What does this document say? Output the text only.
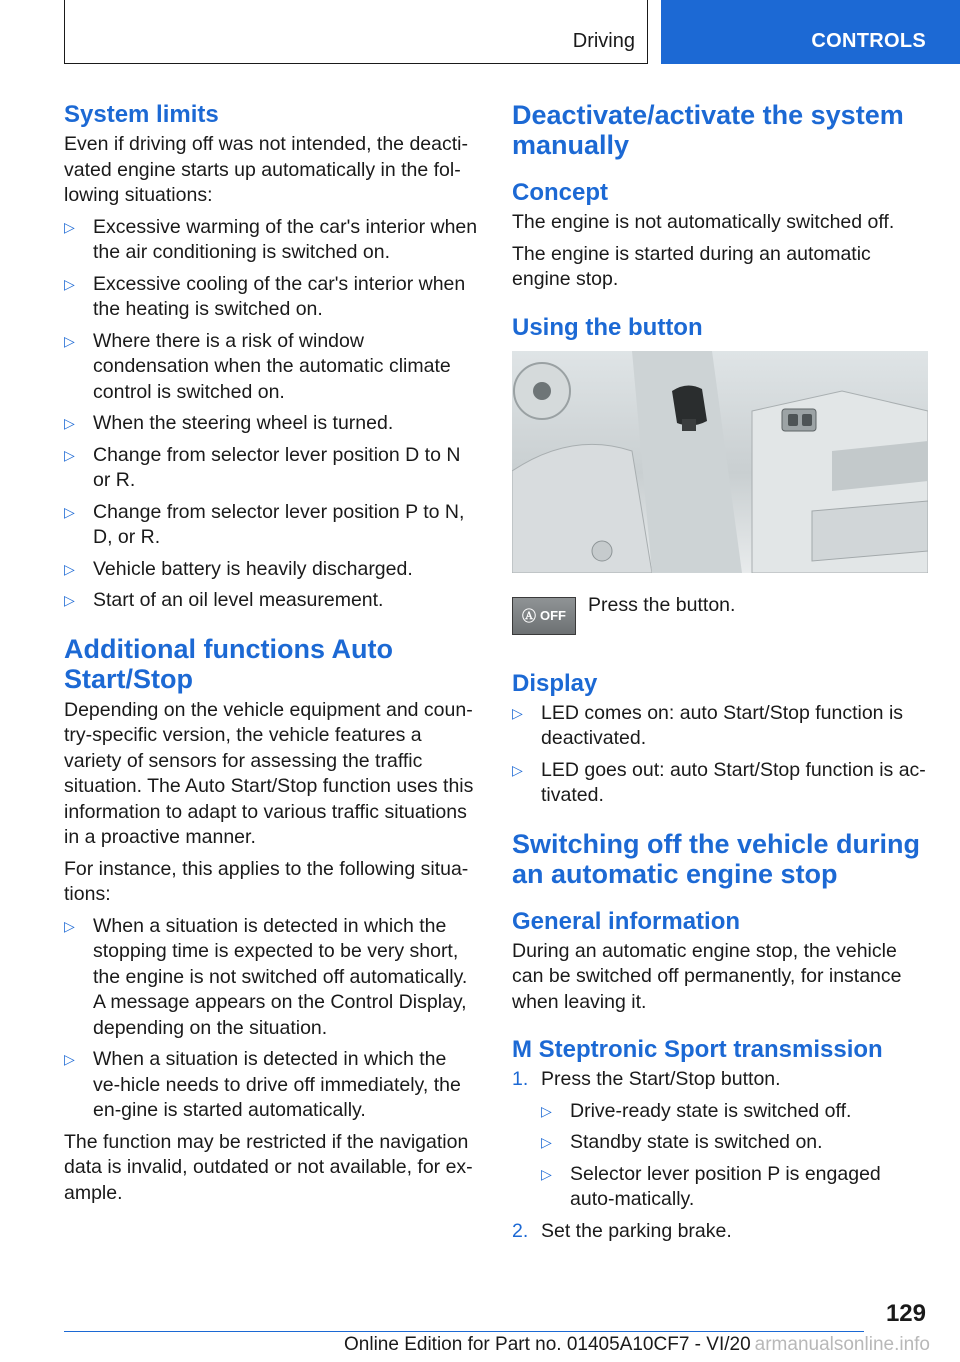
Driving	CONTROLS
System limits

Even if driving off was not intended, the deacti-vated engine starts up automatically in the fol-lowing situations:

▷ Excessive warming of the car's interior when the air conditioning is switched on.
▷ Excessive cooling of the car's interior when the heating is switched on.
▷ Where there is a risk of window condensation when the automatic climate control is switched on.
▷ When the steering wheel is turned.
▷ Change from selector lever position D to N or R.
▷ Change from selector lever position P to N, D, or R.
▷ Vehicle battery is heavily discharged.
▷ Start of an oil level measurement.
Additional functions Auto Start/Stop

Depending on the vehicle equipment and coun-try-specific version, the vehicle features a variety of sensors for assessing the traffic situation. The Auto Start/Stop function uses this information to adapt to various traffic situations in a proactive manner.

For instance, this applies to the following situa-tions:

▷ When a situation is detected in which the stopping time is expected to be very short, the engine is not switched off automatically. A message appears on the Control Display, depending on the situation.
▷ When a situation is detected in which the ve-hicle needs to drive off immediately, the en-gine is started automatically.

The function may be restricted if the navigation data is invalid, outdated or not available, for ex-ample.

Deactivate/activate the system manually
Concept

The engine is not automatically switched off.

The engine is started during an automatic engine stop.

Using the button
Ⓐ OFF Press the button.
Display
▷ LED comes on: auto Start/Stop function is deactivated.
▷ LED goes out: auto Start/Stop function is ac-tivated.
Switching off the vehicle during an automatic engine stop
General information

During an automatic engine stop, the vehicle can be switched off permanently, for instance when leaving it.

M Steptronic Sport transmission
1. Press the Start/Stop button.
▷ Drive-ready state is switched off.
▷ Standby state is switched on.
▷ Selector lever position P is engaged auto-matically.
2. Set the parking brake.
129
Online Edition for Part no. 01405A10CF7 - VI/20 armanualsonline.info
